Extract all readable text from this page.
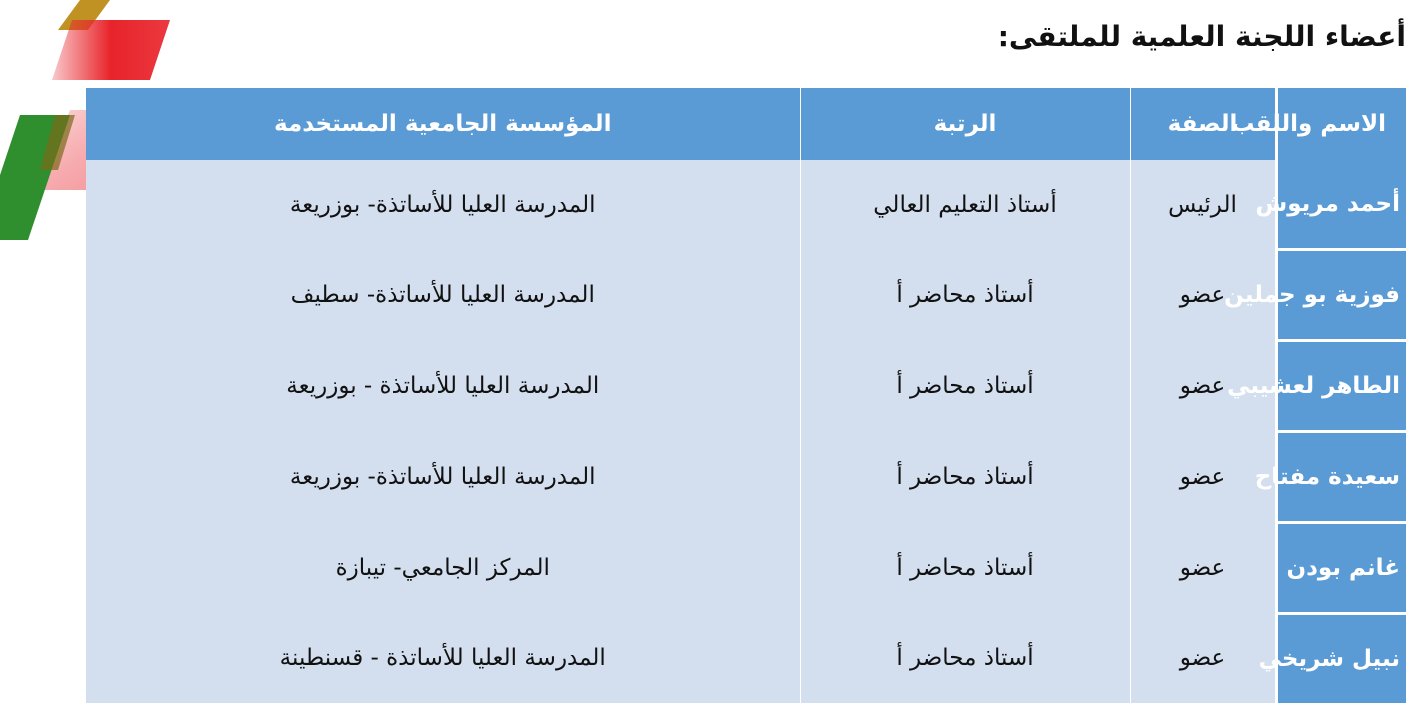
أعضاء اللجنة العلمية للملتقى:
الاسم واللقب	الصفة	الرتبة	المؤسسة الجامعية المستخدمة
أحمد مريوش	الرئيس	أستاذ التعليم العالي	المدرسة العليا للأساتذة- بوزريعة
فوزية بو جملين	عضو	أستاذ محاضر أ	المدرسة العليا للأساتذة- سطيف
الطاهر لعشيبي	عضو	أستاذ محاضر أ	المدرسة العليا للأساتذة - بوزريعة
سعيدة مفتاح	عضو	أستاذ محاضر أ	المدرسة العليا للأساتذة- بوزريعة
غانم بودن	عضو	أستاذ محاضر أ	المركز الجامعي- تيبازة
نبيل شريخي	عضو	أستاذ محاضر أ	المدرسة العليا للأساتذة - قسنطينة
